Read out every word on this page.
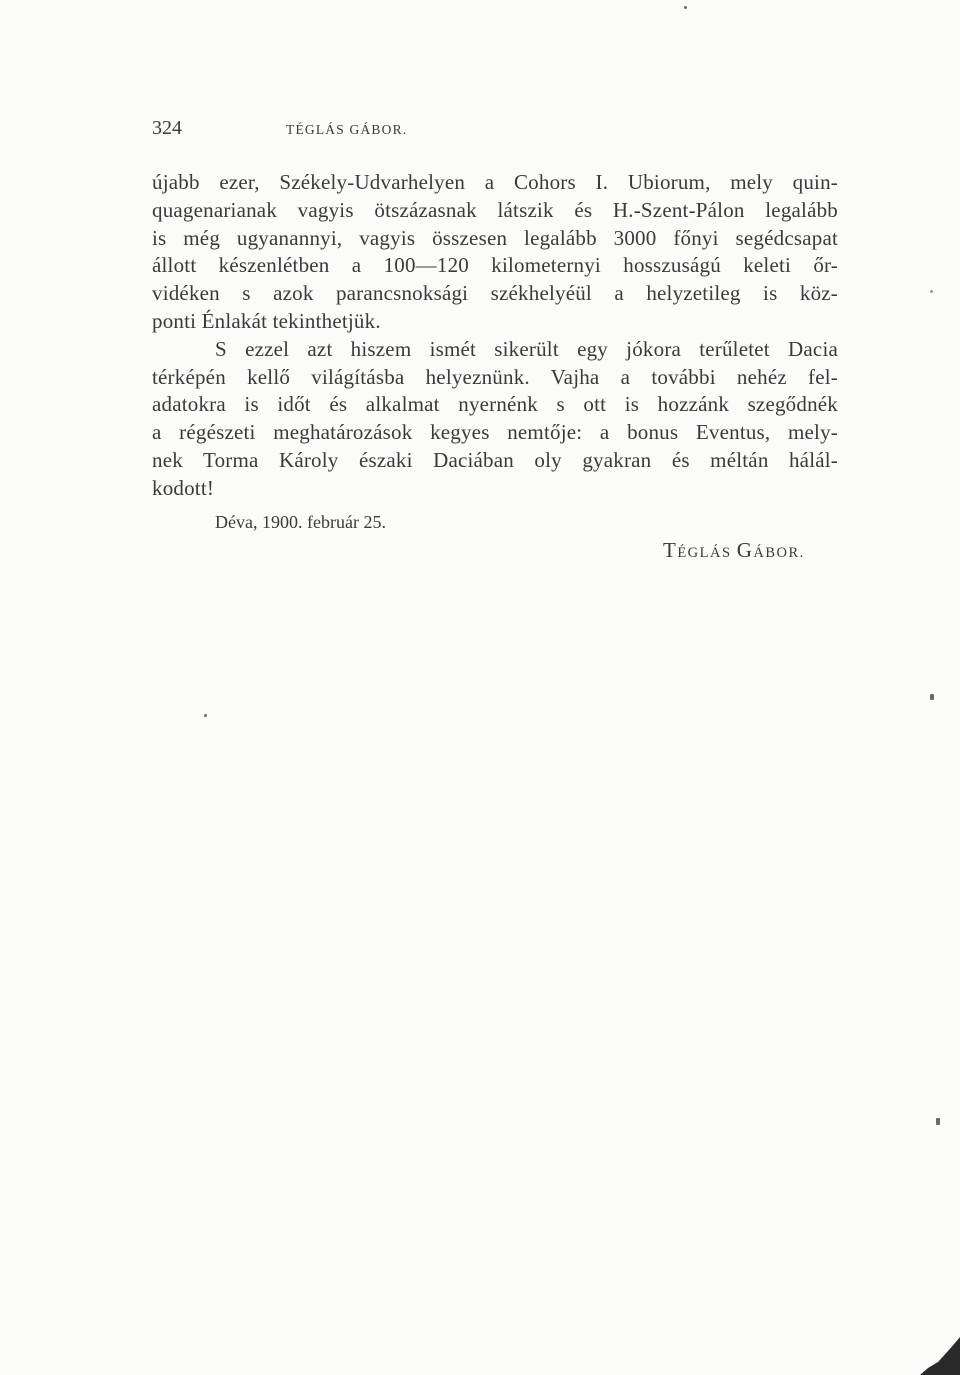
324	TÉGLÁS GÁBOR.
újabb ezer, Székely-Udvarhelyen a Cohors I. Ubiorum, mely quin-
quagenarianak vagyis ötszázasnak látszik és H.-Szent-Pálon legalább
is még ugyanannyi, vagyis összesen legalább 3000 főnyi segédcsapat
állott készenlétben a 100—120 kilometernyi hosszuságú keleti őr-
vidéken s azok parancsnoksági székhelyéül a helyzetileg is köz-
ponti Énlakát tekinthetjük.
S ezzel azt hiszem ismét sikerült egy jókora terűletet Dacia
térképén kellő világításba helyeznünk. Vajha a további nehéz fel-
adatokra is időt és alkalmat nyernénk s ott is hozzánk szegődnék
a régészeti meghatározások kegyes nemtője: a bonus Eventus, mely-
nek Torma Károly északi Daciában oly gyakran és méltán hálál-
kodott!
Déva, 1900. február 25.
TÉGLÁS GÁBOR.
